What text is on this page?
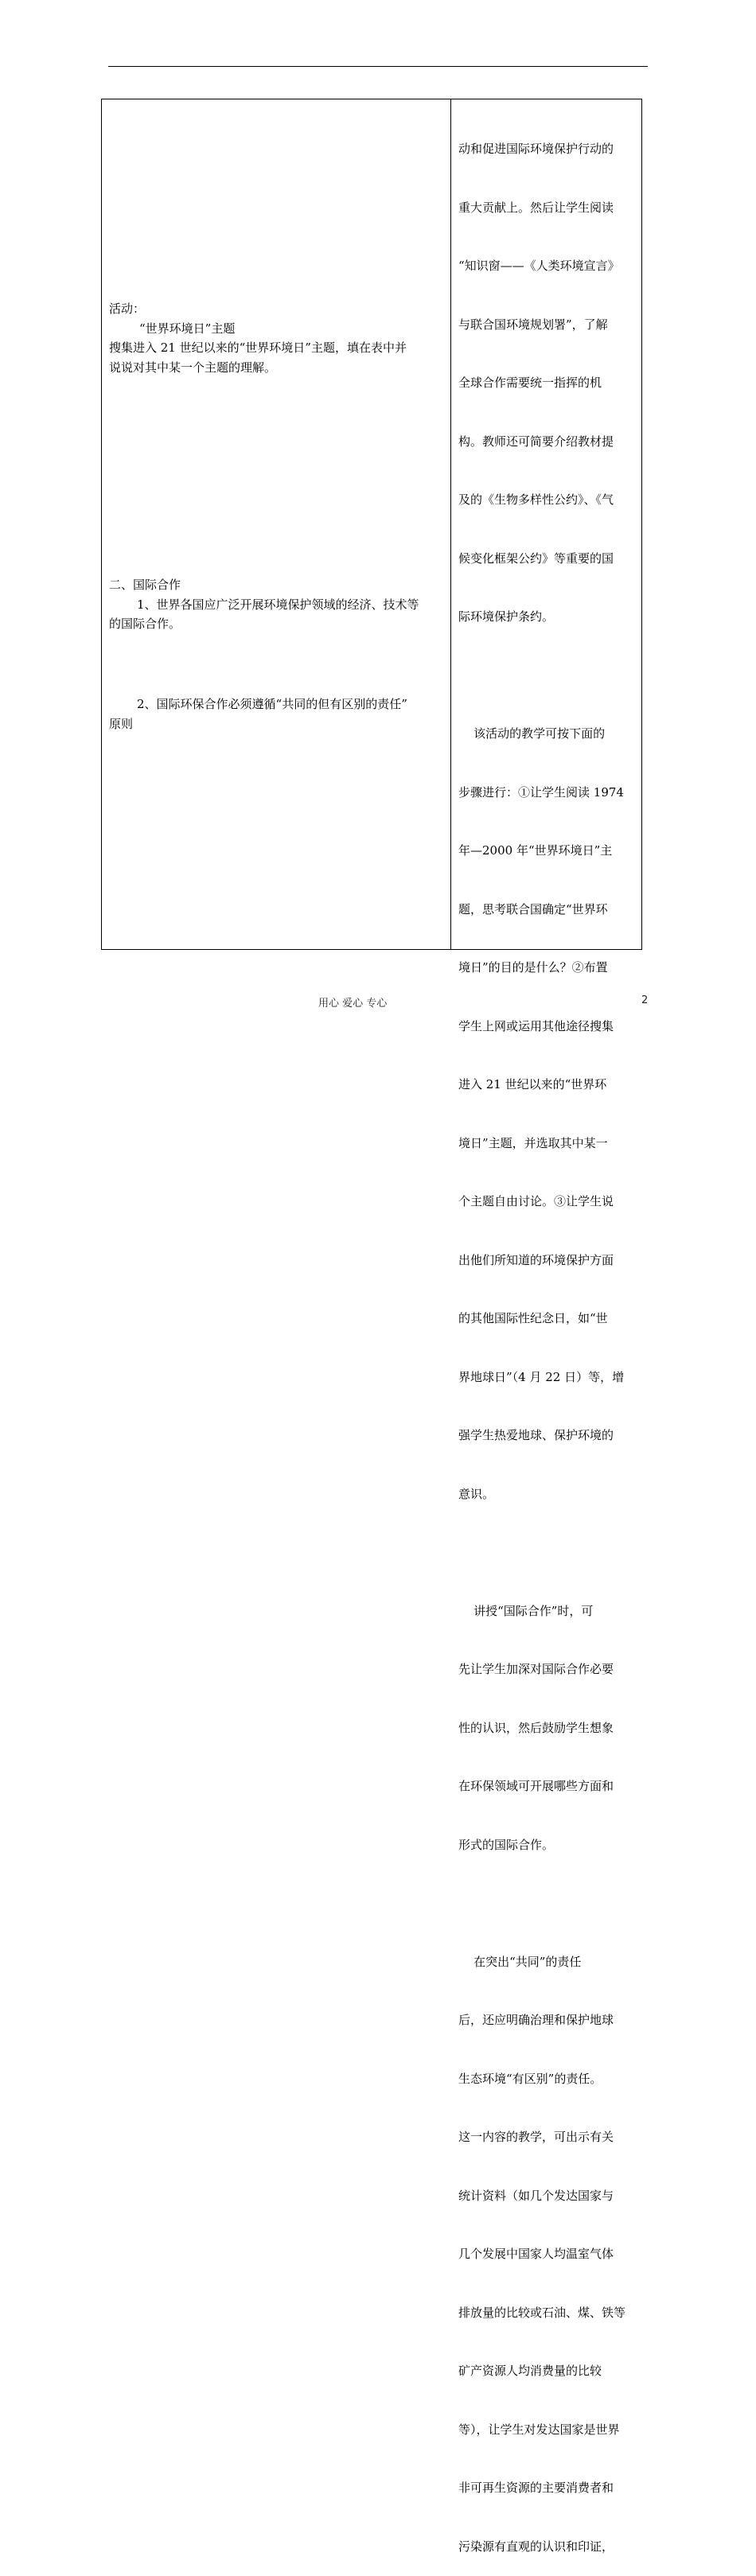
活动：
“世界环境日”主题
搜集进入 21 世纪以来的“世界环境日”主题，填在表中并
说说对其中某一个主题的理解。
二、国际合作
1、世界各国应广泛开展环境保护领域的经济、技术等
的国际合作。
2、国际环保合作必须遵循“共同的但有区别的责任”
原则

动和促进国际环境保护行动的

重大贡献上。然后让学生阅读

“知识窗——《人类环境宣言》

与联合国环境规划署”，了解

全球合作需要统一指挥的机

构。教师还可简要介绍教材提

及的《生物多样性公约》、《气

候变化框架公约》等重要的国

际环境保护条约。

该活动的教学可按下面的

步骤进行：①让学生阅读 1974

年—2000 年“世界环境日”主

题，思考联合国确定“世界环

境日”的目的是什么？②布置

学生上网或运用其他途径搜集

进入 21 世纪以来的“世界环

境日”主题，并选取其中某一

个主题自由讨论。③让学生说

出他们所知道的环境保护方面

的其他国际性纪念日，如“世

界地球日”（4 月 22 日）等，增

强学生热爱地球、保护环境的

意识。

讲授“国际合作”时，可

先让学生加深对国际合作必要

性的认识，然后鼓励学生想象

在环保领域可开展哪些方面和

形式的国际合作。

在突出“共同”的责任

后，还应明确治理和保护地球

生态环境“有区别”的责任。

这一内容的教学，可出示有关

统计资料（如几个发达国家与

几个发展中国家人均温室气体

排放量的比较或石油、煤、铁等

矿产资源人均消费量的比较

等），让学生对发达国家是世界

非可再生资源的主要消费者和

污染源有直观的认识和印证，

用心 爱心 专心	2
